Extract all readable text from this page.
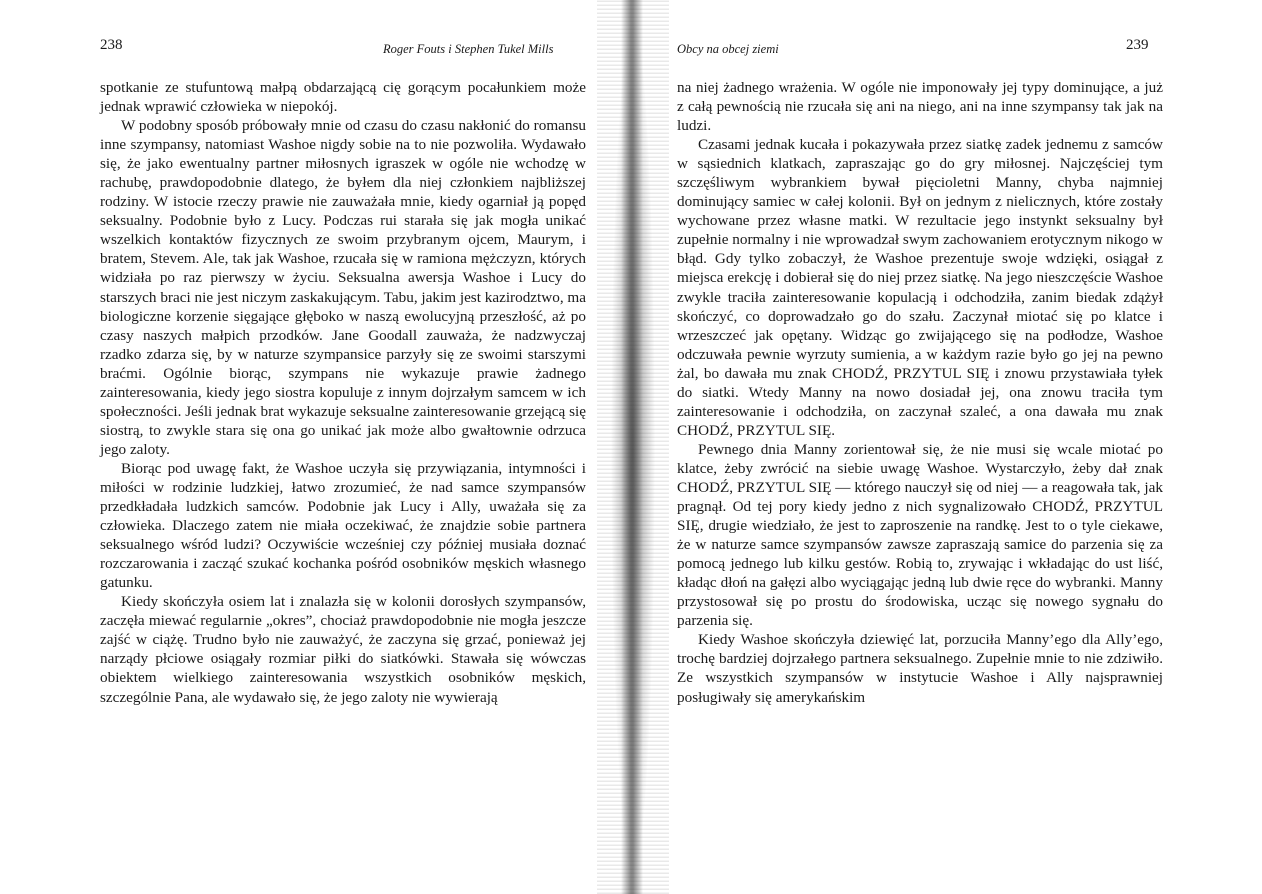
238	Roger Fouts i Stephen Tukel Mills

spotkanie ze stufuntową małpą obdarzającą cię gorącym pocałunkiem może jednak wprawić człowieka w niepokój.

W podobny sposób próbowały mnie od czasu do czasu nakłonić do romansu inne szympansy, natomiast Washoe nigdy sobie na to nie pozwoliła. Wydawało się, że jako ewentualny partner miłosnych igraszek w ogóle nie wchodzę w rachubę, prawdopodobnie dlatego, że byłem dla niej członkiem najbliższej rodziny. W istocie rzeczy prawie nie zauważała mnie, kiedy ogarniał ją popęd seksualny. Podobnie było z Lucy. Podczas rui starała się jak mogła unikać wszelkich kontaktów fizycznych ze swoim przybranym ojcem, Maurym, i bratem, Stevem. Ale, tak jak Washoe, rzucała się w ramiona mężczyzn, których widziała po raz pierwszy w życiu. Seksualna awersja Washoe i Lucy do starszych braci nie jest niczym zaskakującym. Tabu, jakim jest kazirodztwo, ma biologiczne korzenie sięgające głęboko w naszą ewolucyjną przeszłość, aż po czasy naszych małpich przodków. Jane Goodall zauważa, że nadzwyczaj rzadko zdarza się, by w naturze szympansice parzyły się ze swoimi starszymi braćmi. Ogólnie biorąc, szympans nie wykazuje prawie żadnego zainteresowania, kiedy jego siostra kopuluje z innym dojrzałym samcem w ich społeczności. Jeśli jednak brat wykazuje seksualne zainteresowanie grzejącą się siostrą, to zwykle stara się ona go unikać jak może albo gwałtownie odrzuca jego zaloty.

Biorąc pod uwagę fakt, że Washoe uczyła się przywiązania, intymności i miłości w rodzinie ludzkiej, łatwo zrozumieć, że nad samce szympansów przedkładała ludzkich samców. Podobnie jak Lucy i Ally, uważała się za człowieka. Dlaczego zatem nie miała oczekiwać, że znajdzie sobie partnera seksualnego wśród ludzi? Oczywiście wcześniej czy później musiała doznać rozczarowania i zacząć szukać kochanka pośród osobników męskich własnego gatunku.

Kiedy skończyła osiem lat i znalazła się w kolonii dorosłych szympansów, zaczęła miewać regularnie „okres”, chociaż prawdopodobnie nie mogła jeszcze zajść w ciążę. Trudno było nie zauważyć, że zaczyna się grzać, ponieważ jej narządy płciowe osiągały rozmiar piłki do siatkówki. Stawała się wówczas obiektem wielkiego zainteresowania wszystkich osobników męskich, szczególnie Pana, ale wydawało się, że jego zaloty nie wywierają

Obcy na obcej ziemi	239

na niej żadnego wrażenia. W ogóle nie imponowały jej typy dominujące, a już z całą pewnością nie rzucała się ani na niego, ani na inne szympansy tak jak na ludzi.

Czasami jednak kucała i pokazywała przez siatkę zadek jednemu z samców w sąsiednich klatkach, zapraszając go do gry miłosnej. Najczęściej tym szczęśliwym wybrankiem bywał pięcioletni Manny, chyba najmniej dominujący samiec w całej kolonii. Był on jednym z nielicznych, które zostały wychowane przez własne matki. W rezultacie jego instynkt seksualny był zupełnie normalny i nie wprowadzał swym zachowaniem erotycznym nikogo w błąd. Gdy tylko zobaczył, że Washoe prezentuje swoje wdzięki, osiągał z miejsca erekcję i dobierał się do niej przez siatkę. Na jego nieszczęście Washoe zwykle traciła zainteresowanie kopulacją i odchodziła, zanim biedak zdążył skończyć, co doprowadzało go do szału. Zaczynał miotać się po klatce i wrzeszczeć jak opętany. Widząc go zwijającego się na podłodze, Washoe odczuwała pewnie wyrzuty sumienia, a w każdym razie było go jej na pewno żal, bo dawała mu znak CHODŹ, PRZYTUL SIĘ i znowu przystawiała tyłek do siatki. Wtedy Manny na nowo dosiadał jej, ona znowu traciła tym zainteresowanie i odchodziła, on zaczynał szaleć, a ona dawała mu znak CHODŹ, PRZYTUL SIĘ.

Pewnego dnia Manny zorientował się, że nie musi się wcale miotać po klatce, żeby zwrócić na siebie uwagę Washoe. Wystarczyło, żeby dał znak CHODŹ, PRZYTUL SIĘ — którego nauczył się od niej — a reagowała tak, jak pragnął. Od tej pory kiedy jedno z nich sygnalizowało CHODŹ, PRZYTUL SIĘ, drugie wiedziało, że jest to zaproszenie na randkę. Jest to o tyle ciekawe, że w naturze samce szympansów zawsze zapraszają samice do parzenia się za pomocą jednego lub kilku gestów. Robią to, zrywając i wkładając do ust liść, kładąc dłoń na gałęzi albo wyciągając jedną lub dwie ręce do wybranki. Manny przystosował się po prostu do środowiska, ucząc się nowego sygnału do parzenia się.

Kiedy Washoe skończyła dziewięć lat, porzuciła Manny’ego dla Ally’ego, trochę bardziej dojrzałego partnera seksualnego. Zupełnie mnie to nie zdziwiło. Ze wszystkich szympansów w instytucie Washoe i Ally najsprawniej posługiwały się amerykańskim
